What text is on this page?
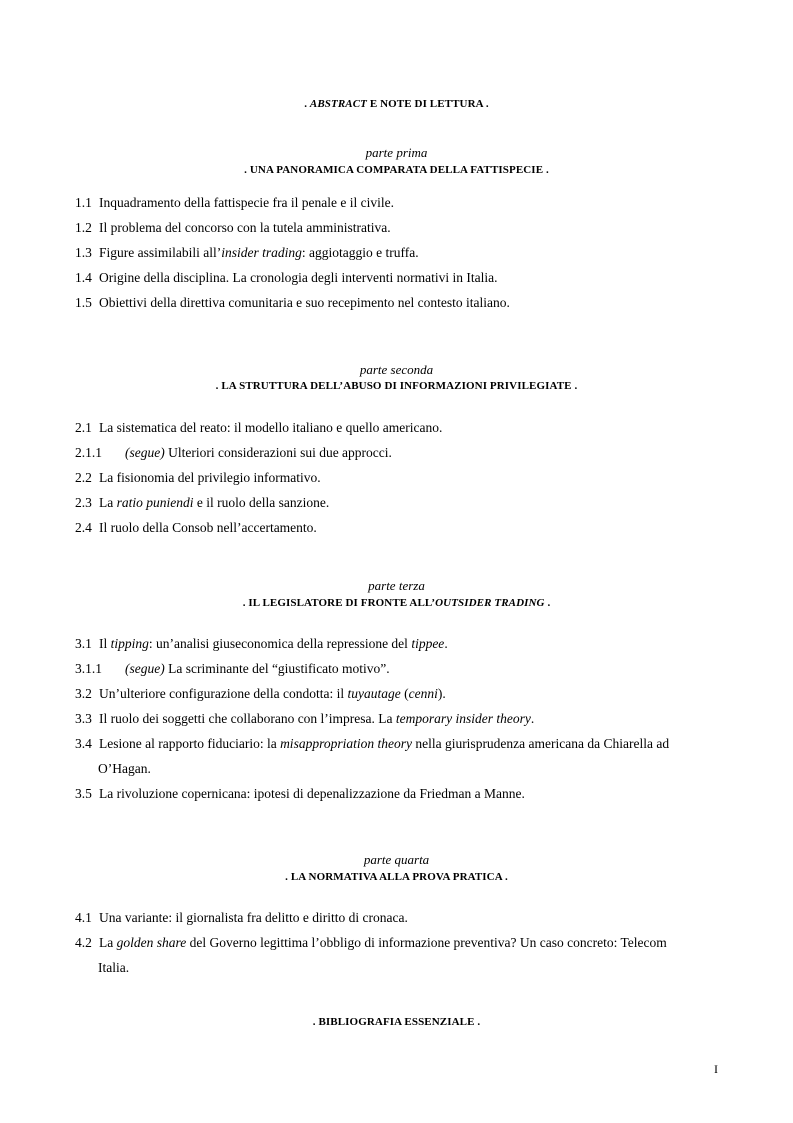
. ABSTRACT E NOTE DI LETTURA .
parte prima
. UNA PANORAMICA COMPARATA DELLA FATTISPECIE .
1.1 Inquadramento della fattispecie fra il penale e il civile.
1.2 Il problema del concorso con la tutela amministrativa.
1.3 Figure assimilabili all’insider trading: aggiotaggio e truffa.
1.4 Origine della disciplina. La cronologia degli interventi normativi in Italia.
1.5 Obiettivi della direttiva comunitaria e suo recepimento nel contesto italiano.
parte seconda
. LA STRUTTURA DELL’ABUSO DI INFORMAZIONI PRIVILEGIATE .
2.1 La sistematica del reato: il modello italiano e quello americano.
2.1.1 (segue) Ulteriori considerazioni sui due approcci.
2.2 La fisionomia del privilegio informativo.
2.3 La ratio puniendi e il ruolo della sanzione.
2.4 Il ruolo della Consob nell’accertamento.
parte terza
. IL LEGISLATORE DI FRONTE ALL’OUTSIDER TRADING .
3.1 Il tipping: un’analisi giuseconomica della repressione del tippee.
3.1.1 (segue) La scriminante del “giustificato motivo”.
3.2 Un’ulteriore configurazione della condotta: il tuyautage (cenni).
3.3 Il ruolo dei soggetti che collaborano con l’impresa. La temporary insider theory.
3.4 Lesione al rapporto fiduciario: la misappropriation theory nella giurisprudenza americana da Chiarella ad
O’Hagan.
3.5 La rivoluzione copernicana: ipotesi di depenalizzazione da Friedman a Manne.
parte quarta
. LA NORMATIVA ALLA PROVA PRATICA .
4.1 Una variante: il giornalista fra delitto e diritto di cronaca.
4.2 La golden share del Governo legittima l’obbligo di informazione preventiva? Un caso concreto: Telecom
Italia.
. BIBLIOGRAFIA ESSENZIALE .
I
